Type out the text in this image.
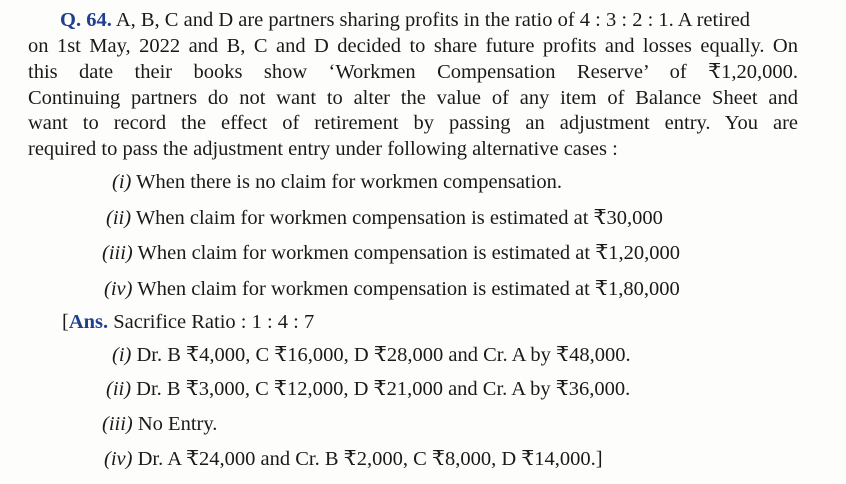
Q. 64. A, B, C and D are partners sharing profits in the ratio of 4 : 3 : 2 : 1. A retired
on 1st May, 2022 and B, C and D decided to share future profits and losses equally. On
this date their books show ‘Workmen Compensation Reserve’ of ₹1,20,000.
Continuing partners do not want to alter the value of any item of Balance Sheet and
want to record the effect of retirement by passing an adjustment entry. You are
required to pass the adjustment entry under following alternative cases :
(i) When there is no claim for workmen compensation.
(ii) When claim for workmen compensation is estimated at ₹30,000
(iii) When claim for workmen compensation is estimated at ₹1,20,000
(iv) When claim for workmen compensation is estimated at ₹1,80,000
[Ans. Sacrifice Ratio : 1 : 4 : 7
(i) Dr. B ₹4,000, C ₹16,000, D ₹28,000 and Cr. A by ₹48,000.
(ii) Dr. B ₹3,000, C ₹12,000, D ₹21,000 and Cr. A by ₹36,000.
(iii) No Entry.
(iv) Dr. A ₹24,000 and Cr. B ₹2,000, C ₹8,000, D ₹14,000.]
